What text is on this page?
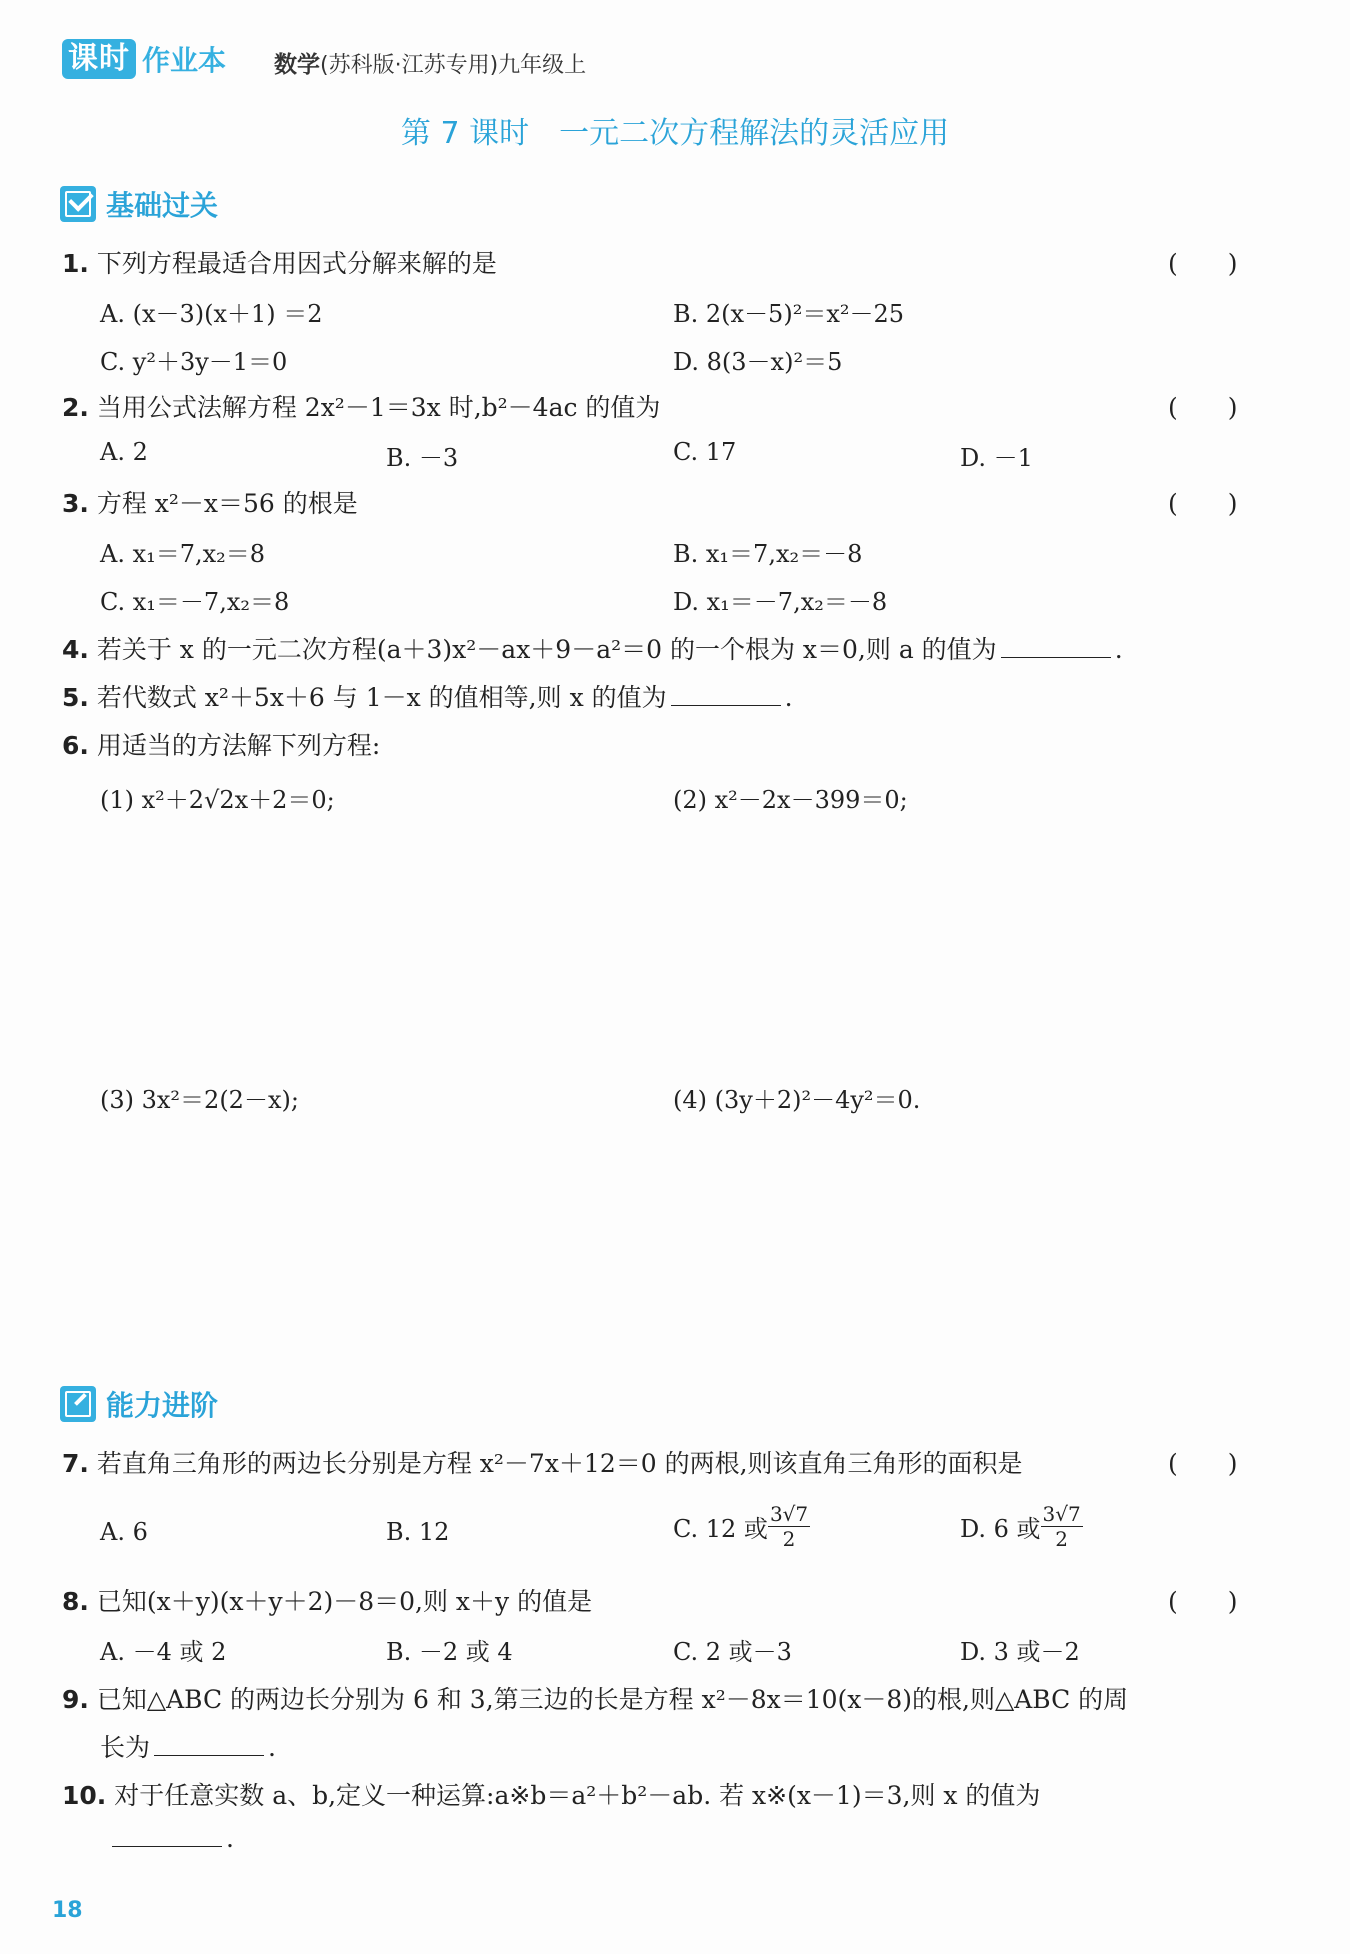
课时 作业本 数学(苏科版·江苏专用)九年级上
第 7 课时　一元二次方程解法的灵活应用
基础过关
1. 下列方程最适合用因式分解来解的是	(　　)
A. (x－3)(x＋1) ＝2	B. 2(x－5)²＝x²－25
C. y²＋3y－1＝0	D. 8(3－x)²＝5
2. 当用公式法解方程 2x²－1＝3x 时,b²－4ac 的值为	(　　)
A. 2	B. －3	C. 17	D. －1
3. 方程 x²－x＝56 的根是	(　　)
A. x₁＝7,x₂＝8	B. x₁＝7,x₂＝－8
C. x₁＝－7,x₂＝8	D. x₁＝－7,x₂＝－8
4. 若关于 x 的一元二次方程(a＋3)x²－ax＋9－a²＝0 的一个根为 x＝0,则 a 的值为	.
5. 若代数式 x²＋5x＋6 与 1－x 的值相等,则 x 的值为	.
6. 用适当的方法解下列方程:
(1) x²＋2√2x＋2＝0;	(2) x²－2x－399＝0;
(3) 3x²＝2(2－x);	(4) (3y＋2)²－4y²＝0.
能力进阶
7. 若直角三角形的两边长分别是方程 x²－7x＋12＝0 的两根,则该直角三角形的面积是	(　　)
A. 6	B. 12	C. 12 或 $\frac{3√7}{2}$	D. 6 或 $\frac{3√7}{2}$
8. 已知(x＋y)(x＋y＋2)－8＝0,则 x＋y 的值是	(　　)
A. －4 或 2	B. －2 或 4	C. 2 或－3	D. 3 或－2
9. 已知△ABC 的两边长分别为 6 和 3,第三边的长是方程 x²－8x＝10(x－8)的根,则△ABC 的周
长为	.
10. 对于任意实数 a、b,定义一种运算:a※b＝a²＋b²－ab. 若 x※(x－1)＝3,则 x 的值为
.
18
